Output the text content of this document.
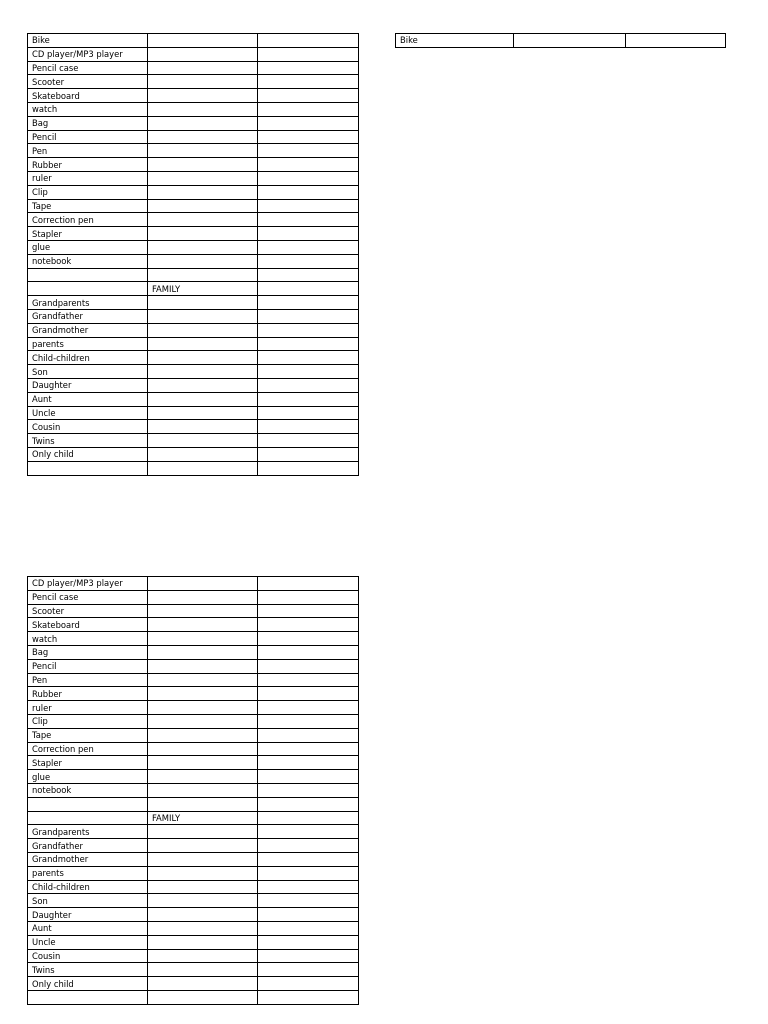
Bike		
CD player/MP3 player		
Pencil case		
Scooter		
Skateboard		
watch		
Bag		
Pencil		
Pen		
Rubber		
ruler		
Clip		
Tape		
Correction pen		
Stapler		
glue		
notebook		

	FAMILY	
Grandparents		
Grandfather		
Grandmother		
parents		
Child-children		
Son		
Daughter		
Aunt		
Uncle		
Cousin		
Twins		
Only child		

Bike		
CD player/MP3 player		
Pencil case		
Scooter		
Skateboard		
watch		
Bag		
Pencil		
Pen		
Rubber		
ruler		
Clip		
Tape		
Correction pen		
Stapler		
glue		
notebook		

	FAMILY	
Grandparents		
Grandfather		
Grandmother		
parents		
Child-children		
Son		
Daughter		
Aunt		
Uncle		
Cousin		
Twins		
Only child		
